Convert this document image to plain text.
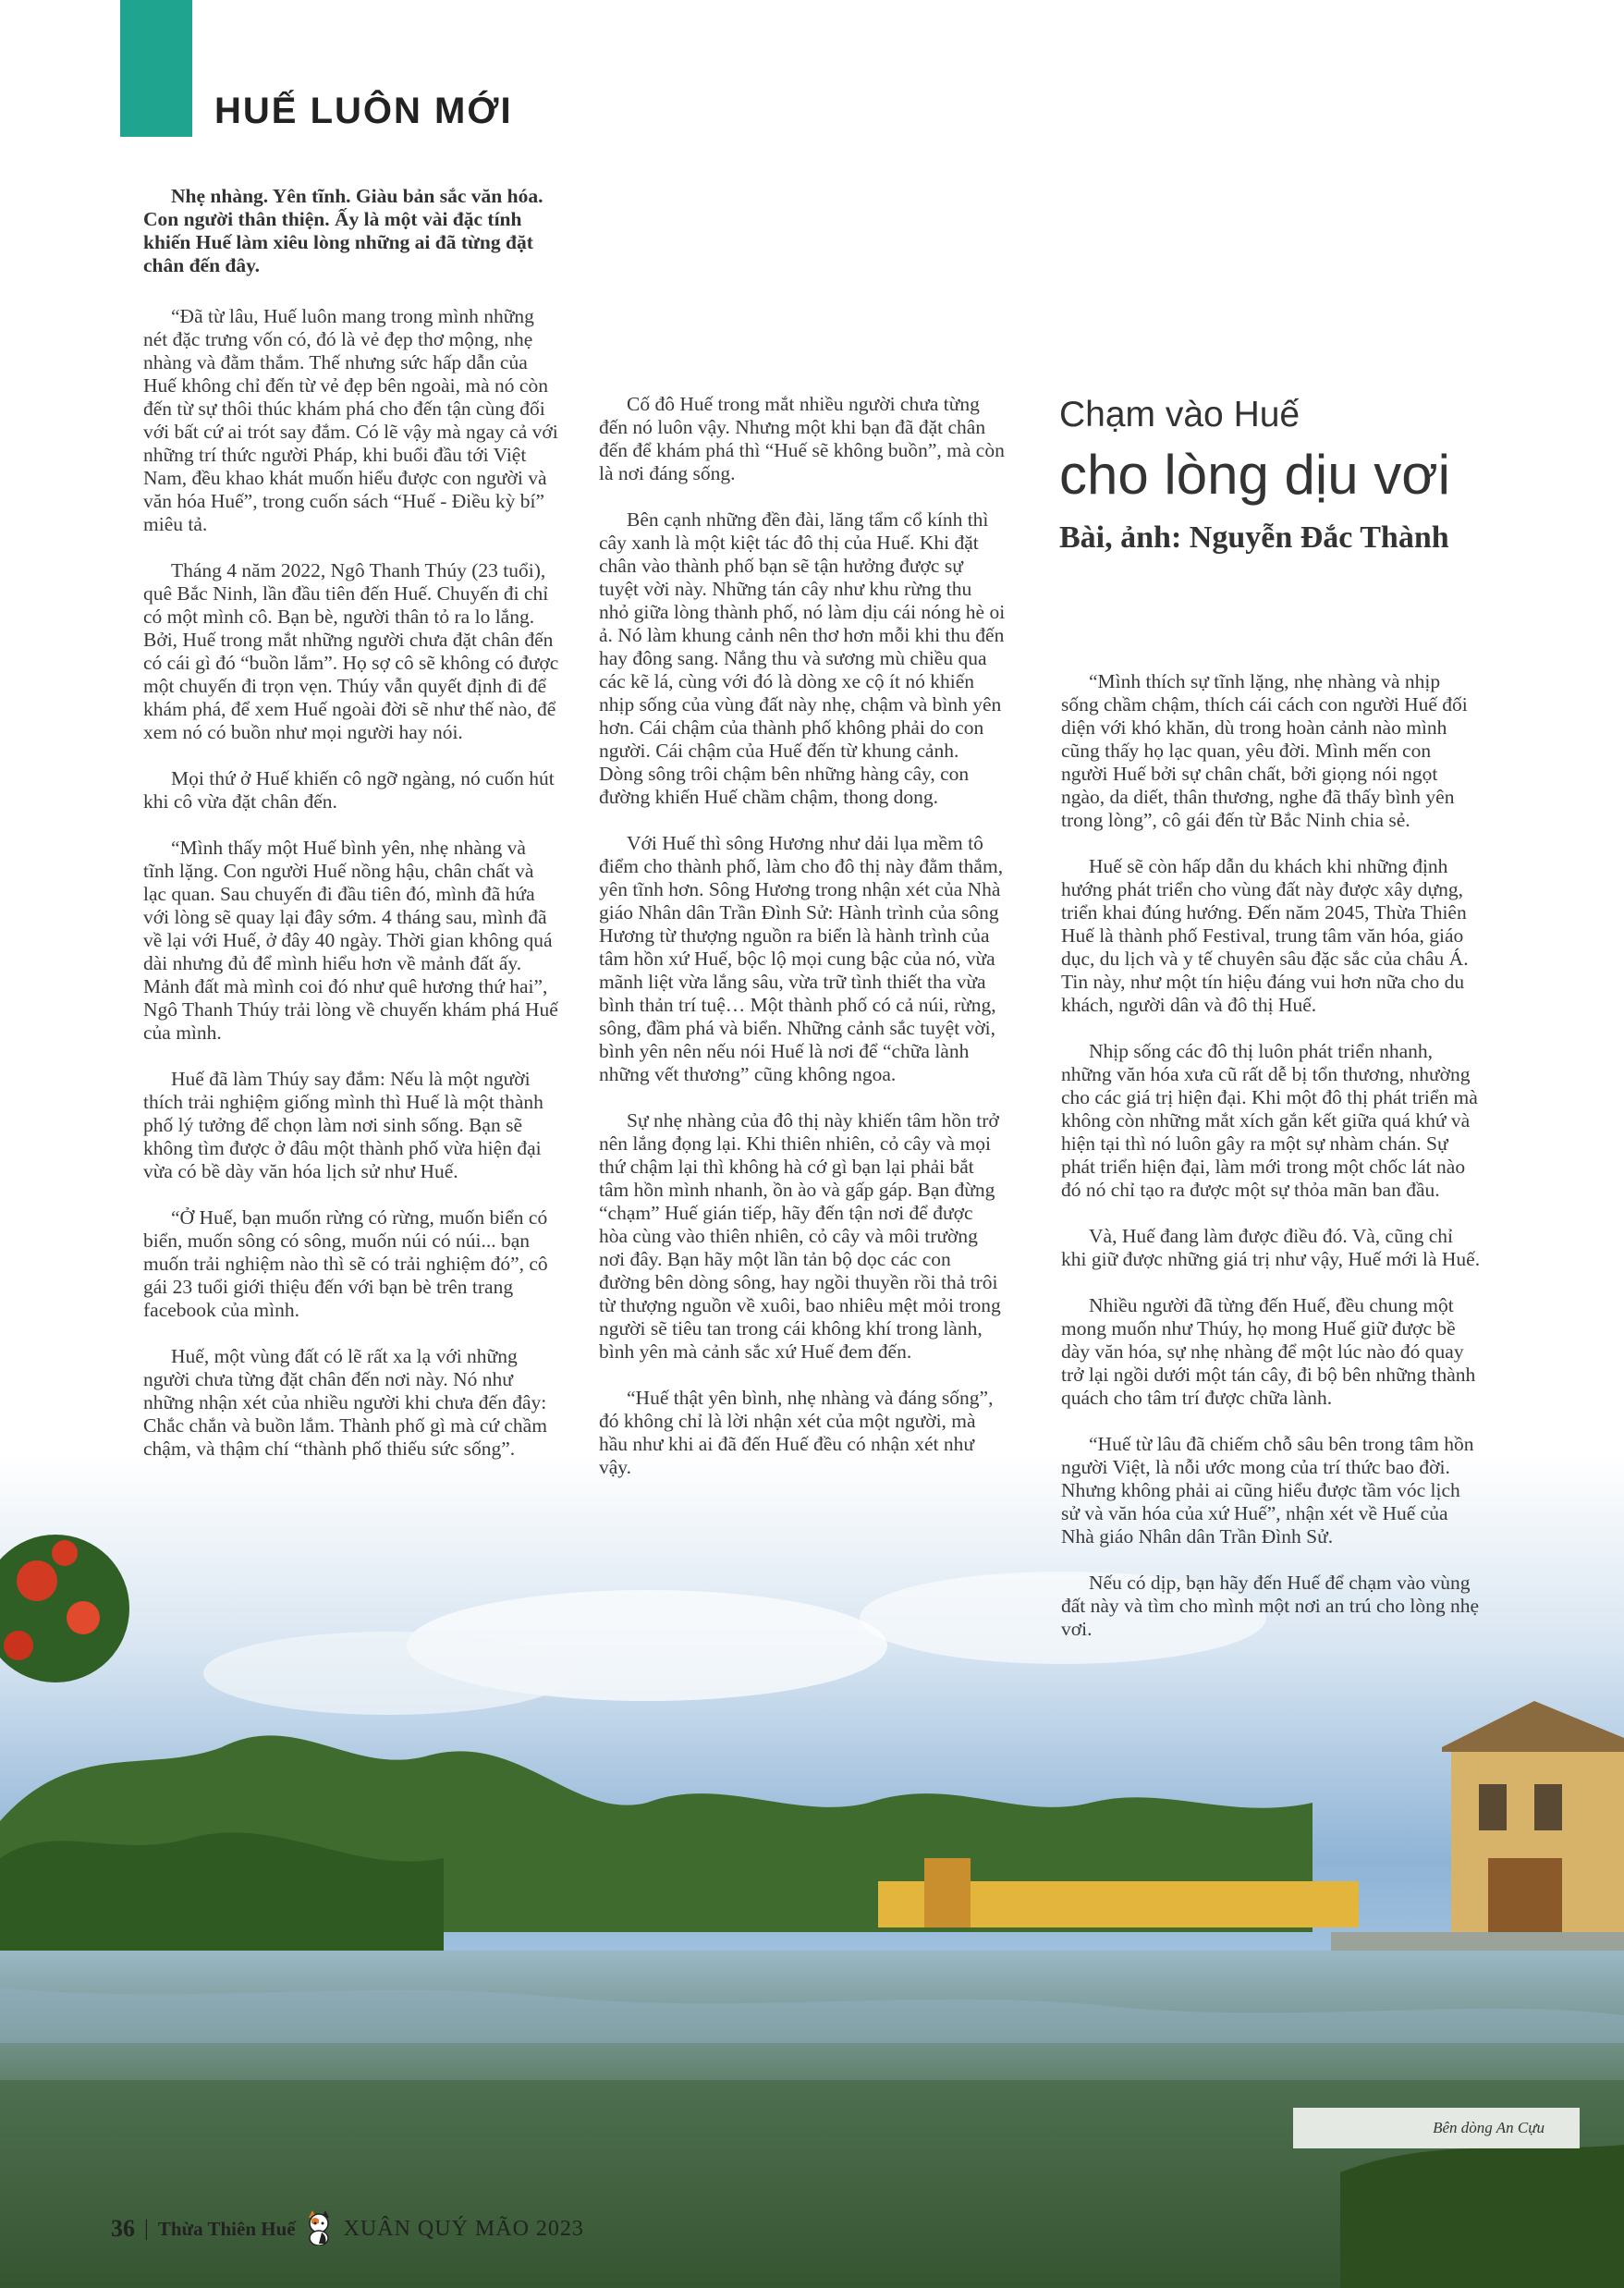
HUẾ LUÔN MỚI

Nhẹ nhàng. Yên tĩnh. Giàu bản sắc văn hóa. Con người thân thiện. Ấy là một vài đặc tính khiến Huế làm xiêu lòng những ai đã từng đặt chân đến đây.

“Đã từ lâu, Huế luôn mang trong mình những nét đặc trưng vốn có, đó là vẻ đẹp thơ mộng, nhẹ nhàng và đằm thắm. Thế nhưng sức hấp dẫn của Huế không chỉ đến từ vẻ đẹp bên ngoài, mà nó còn đến từ sự thôi thúc khám phá cho đến tận cùng đối với bất cứ ai trót say đắm. Có lẽ vậy mà ngay cả với những trí thức người Pháp, khi buổi đầu tới Việt Nam, đều khao khát muốn hiểu được con người và văn hóa Huế”, trong cuốn sách “Huế - Điều kỳ bí” miêu tả.

Tháng 4 năm 2022, Ngô Thanh Thúy (23 tuổi), quê Bắc Ninh, lần đầu tiên đến Huế. Chuyến đi chỉ có một mình cô. Bạn bè, người thân tỏ ra lo lắng. Bởi, Huế trong mắt những người chưa đặt chân đến có cái gì đó “buồn lắm”. Họ sợ cô sẽ không có được một chuyến đi trọn vẹn. Thúy vẫn quyết định đi để khám phá, để xem Huế ngoài đời sẽ như thế nào, để xem nó có buồn như mọi người hay nói.

Mọi thứ ở Huế khiến cô ngỡ ngàng, nó cuốn hút khi cô vừa đặt chân đến.

“Mình thấy một Huế bình yên, nhẹ nhàng và tĩnh lặng. Con người Huế nồng hậu, chân chất và lạc quan. Sau chuyến đi đầu tiên đó, mình đã hứa với lòng sẽ quay lại đây sớm. 4 tháng sau, mình đã về lại với Huế, ở đây 40 ngày. Thời gian không quá dài nhưng đủ để mình hiểu hơn về mảnh đất ấy. Mảnh đất mà mình coi đó như quê hương thứ hai”, Ngô Thanh Thúy trải lòng về chuyến khám phá Huế của mình.

Huế đã làm Thúy say đắm: Nếu là một người thích trải nghiệm giống mình thì Huế là một thành phố lý tưởng để chọn làm nơi sinh sống. Bạn sẽ không tìm được ở đâu một thành phố vừa hiện đại vừa có bề dày văn hóa lịch sử như Huế.

“Ở Huế, bạn muốn rừng có rừng, muốn biển có biển, muốn sông có sông, muốn núi có núi... bạn muốn trải nghiệm nào thì sẽ có trải nghiệm đó”, cô gái 23 tuổi giới thiệu đến với bạn bè trên trang facebook của mình.

Huế, một vùng đất có lẽ rất xa lạ với những người chưa từng đặt chân đến nơi này. Nó như những nhận xét của nhiều người khi chưa đến đây: Chắc chắn và buồn lắm. Thành phố gì mà cứ chầm chậm, và thậm chí “thành phố thiếu sức sống”.

Cố đô Huế trong mắt nhiều người chưa từng đến nó luôn vậy. Nhưng một khi bạn đã đặt chân đến để khám phá thì “Huế sẽ không buồn”, mà còn là nơi đáng sống.

Bên cạnh những đền đài, lăng tẩm cổ kính thì cây xanh là một kiệt tác đô thị của Huế. Khi đặt chân vào thành phố bạn sẽ tận hưởng được sự tuyệt vời này. Những tán cây như khu rừng thu nhỏ giữa lòng thành phố, nó làm dịu cái nóng hè oi ả. Nó làm khung cảnh nên thơ hơn mỗi khi thu đến hay đông sang. Nắng thu và sương mù chiều qua các kẽ lá, cùng với đó là dòng xe cộ ít nó khiến nhịp sống của vùng đất này nhẹ, chậm và bình yên hơn. Cái chậm của thành phố không phải do con người. Cái chậm của Huế đến từ khung cảnh. Dòng sông trôi chậm bên những hàng cây, con đường khiến Huế chầm chậm, thong dong.

Với Huế thì sông Hương như dải lụa mềm tô điểm cho thành phố, làm cho đô thị này đằm thắm, yên tĩnh hơn. Sông Hương trong nhận xét của Nhà giáo Nhân dân Trần Đình Sử: Hành trình của sông Hương từ thượng nguồn ra biển là hành trình của tâm hồn xứ Huế, bộc lộ mọi cung bậc của nó, vừa mãnh liệt vừa lắng sâu, vừa trữ tình thiết tha vừa bình thản trí tuệ… Một thành phố có cả núi, rừng, sông, đầm phá và biển. Những cảnh sắc tuyệt vời, bình yên nên nếu nói Huế là nơi để “chữa lành những vết thương” cũng không ngoa.

Sự nhẹ nhàng của đô thị này khiến tâm hồn trở nên lắng đọng lại. Khi thiên nhiên, cỏ cây và mọi thứ chậm lại thì không hà cớ gì bạn lại phải bắt tâm hồn mình nhanh, ồn ào và gấp gáp. Bạn đừng “chạm” Huế gián tiếp, hãy đến tận nơi để được hòa cùng vào thiên nhiên, cỏ cây và môi trường nơi đây. Bạn hãy một lần tản bộ dọc các con đường bên dòng sông, hay ngồi thuyền rồi thả trôi từ thượng nguồn về xuôi, bao nhiêu mệt mỏi trong người sẽ tiêu tan trong cái không khí trong lành, bình yên mà cảnh sắc xứ Huế đem đến.

“Huế thật yên bình, nhẹ nhàng và đáng sống”, đó không chỉ là lời nhận xét của một người, mà hầu như khi ai đã đến Huế đều có nhận xét như vậy.

Chạm vào Huế

cho lòng dịu vơi

Bài, ảnh: Nguyễn Đắc Thành

“Mình thích sự tĩnh lặng, nhẹ nhàng và nhịp sống chầm chậm, thích cái cách con người Huế đối diện với khó khăn, dù trong hoàn cảnh nào mình cũng thấy họ lạc quan, yêu đời. Mình mến con người Huế bởi sự chân chất, bởi giọng nói ngọt ngào, da diết, thân thương, nghe đã thấy bình yên trong lòng”, cô gái đến từ Bắc Ninh chia sẻ.

Huế sẽ còn hấp dẫn du khách khi những định hướng phát triển cho vùng đất này được xây dựng, triển khai đúng hướng. Đến năm 2045, Thừa Thiên Huế là thành phố Festival, trung tâm văn hóa, giáo dục, du lịch và y tế chuyên sâu đặc sắc của châu Á. Tin này, như một tín hiệu đáng vui hơn nữa cho du khách, người dân và đô thị Huế.

Nhịp sống các đô thị luôn phát triển nhanh, những văn hóa xưa cũ rất dễ bị tổn thương, nhường cho các giá trị hiện đại. Khi một đô thị phát triển mà không còn những mắt xích gắn kết giữa quá khứ và hiện tại thì nó luôn gây ra một sự nhàm chán. Sự phát triển hiện đại, làm mới trong một chốc lát nào đó nó chỉ tạo ra được một sự thỏa mãn ban đầu.

Và, Huế đang làm được điều đó. Và, cũng chỉ khi giữ được những giá trị như vậy, Huế mới là Huế.

Nhiều người đã từng đến Huế, đều chung một mong muốn như Thúy, họ mong Huế giữ được bề dày văn hóa, sự nhẹ nhàng để một lúc nào đó quay trở lại ngồi dưới một tán cây, đi bộ bên những thành quách cho tâm trí được chữa lành.

“Huế từ lâu đã chiếm chỗ sâu bên trong tâm hồn người Việt, là nỗi ước mong của trí thức bao đời. Nhưng không phải ai cũng hiểu được tầm vóc lịch sử và văn hóa của xứ Huế”, nhận xét về Huế của Nhà giáo Nhân dân Trần Đình Sử.

Nếu có dịp, bạn hãy đến Huế để chạm vào vùng đất này và tìm cho mình một nơi an trú cho lòng nhẹ vơi.

Bên dòng An Cựu
36 | Thừa Thiên Huế XUÂN QUÝ MÃO 2023
